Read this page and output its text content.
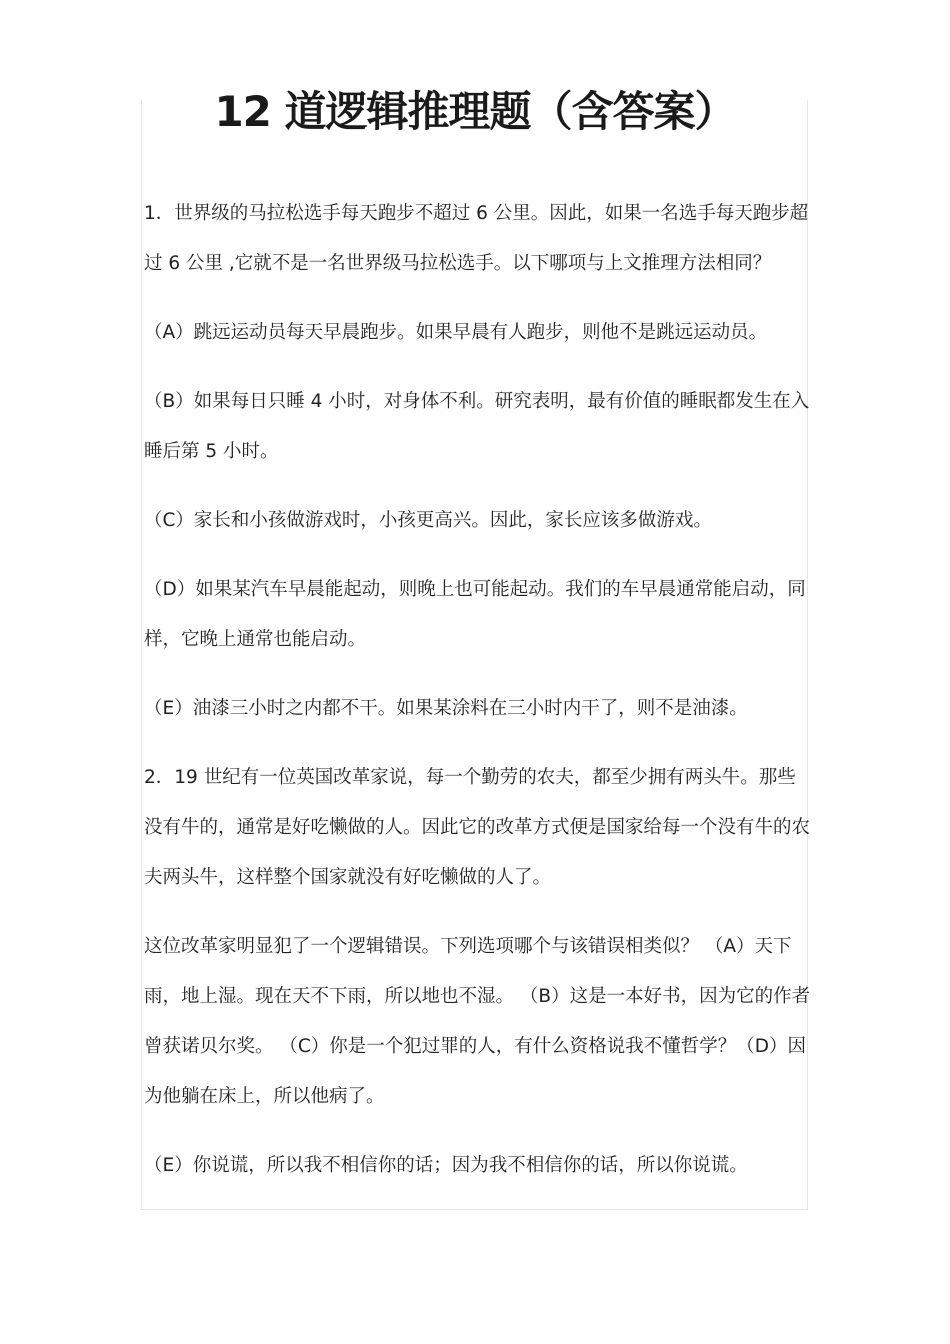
12 道逻辑推理题（含答案）

1．世界级的马拉松选手每天跑步不超过 6 公里。因此，如果一名选手每天跑步超过 6 公里 ,它就不是一名世界级马拉松选手。以下哪项与上文推理方法相同？

（A）跳远运动员每天早晨跑步。如果早晨有人跑步，则他不是跳远运动员。

（B）如果每日只睡 4 小时，对身体不利。研究表明，最有价值的睡眠都发生在入睡后第 5 小时。

（C）家长和小孩做游戏时，小孩更高兴。因此，家长应该多做游戏。

（D）如果某汽车早晨能起动，则晚上也可能起动。我们的车早晨通常能启动，同样，它晚上通常也能启动。

（E）油漆三小时之内都不干。如果某涂料在三小时内干了，则不是油漆。

2．19 世纪有一位英国改革家说，每一个勤劳的农夫，都至少拥有两头牛。那些没有牛的，通常是好吃懒做的人。因此它的改革方式便是国家给每一个没有牛的农夫两头牛，这样整个国家就没有好吃懒做的人了。

这位改革家明显犯了一个逻辑错误。下列选项哪个与该错误相类似？ （A）天下雨，地上湿。现在天不下雨，所以地也不湿。 （B）这是一本好书，因为它的作者曾获诺贝尔奖。 （C）你是一个犯过罪的人，有什么资格说我不懂哲学？（D）因为他躺在床上，所以他病了。

（E）你说谎，所以我不相信你的话；因为我不相信你的话，所以你说谎。
